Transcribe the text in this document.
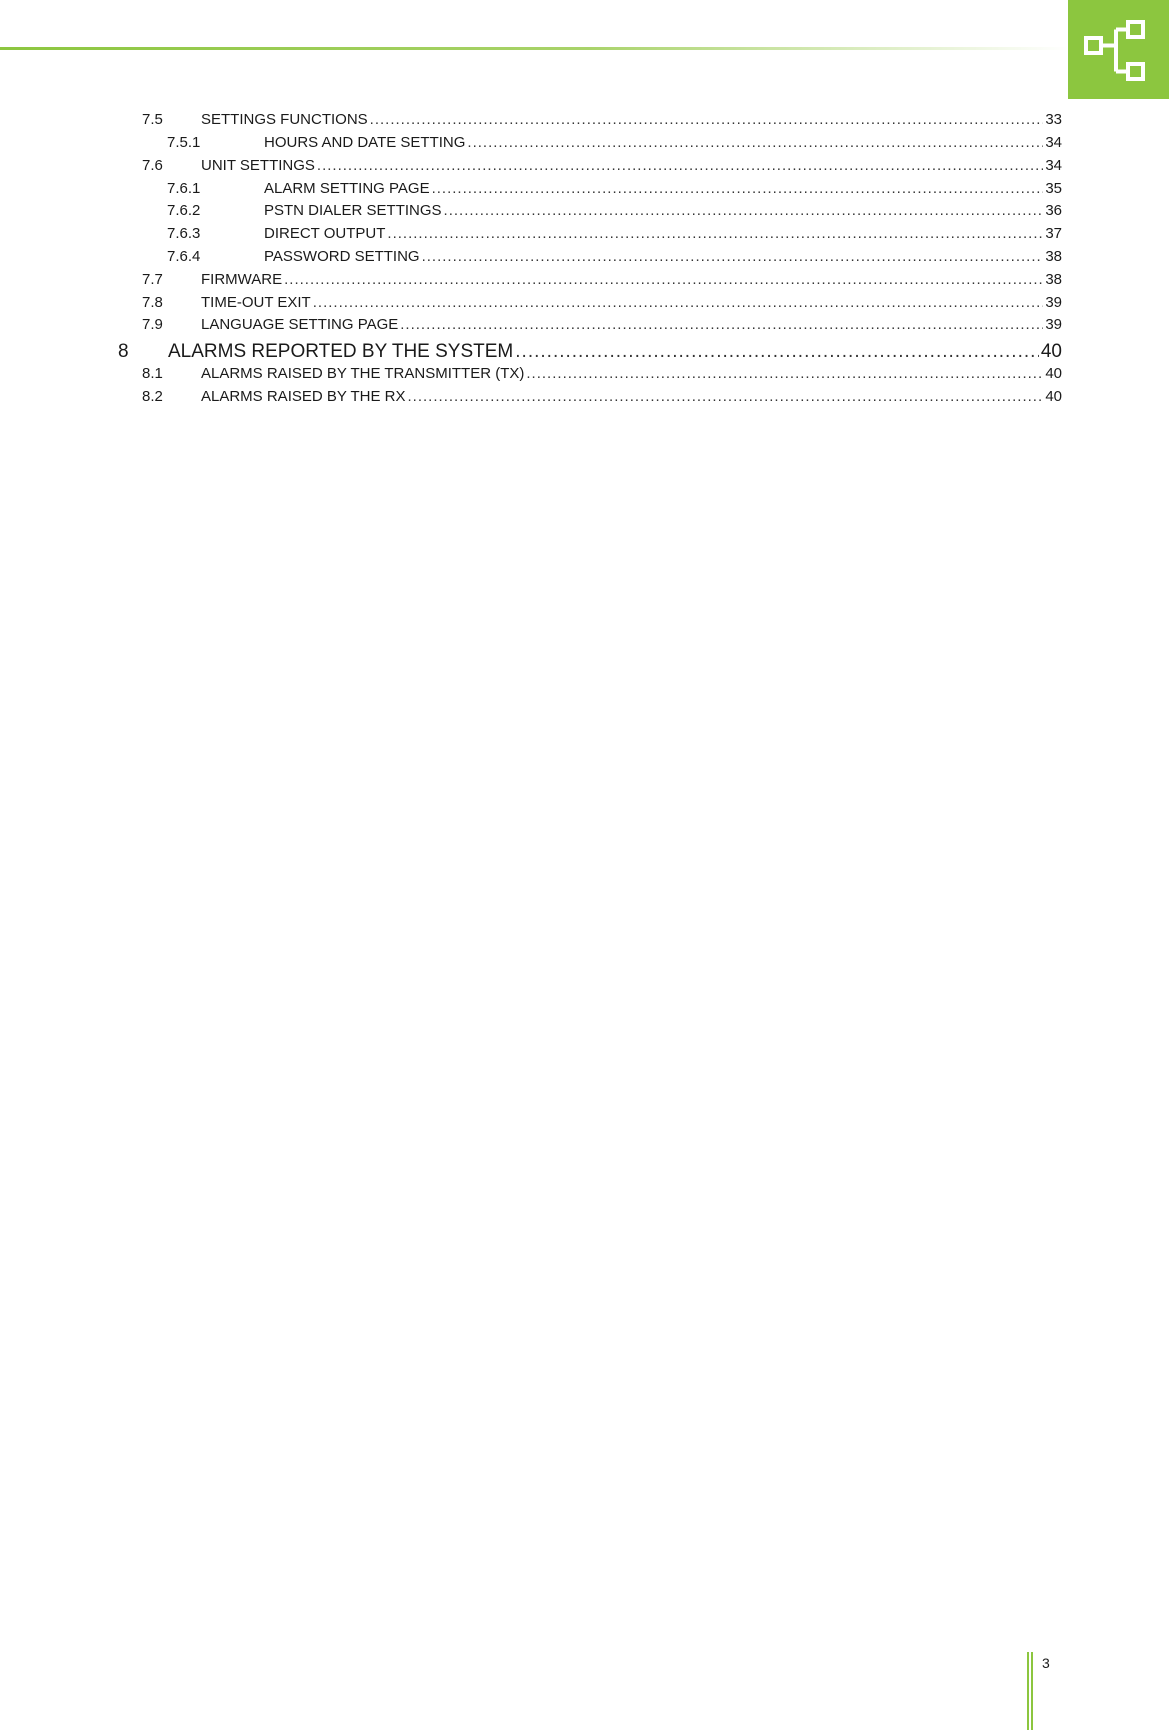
7.5	SETTINGS FUNCTIONS .....	33
7.5.1	HOURS AND DATE SETTING .....	34
7.6	UNIT SETTINGS .....	34
7.6.1	ALARM SETTING PAGE .....	35
7.6.2	PSTN DIALER SETTINGS .....	36
7.6.3	DIRECT OUTPUT .....	37
7.6.4	PASSWORD SETTING .....	38
7.7	FIRMWARE .....	38
7.8	TIME-OUT EXIT .....	39
7.9	LANGUAGE SETTING PAGE .....	39
8	ALARMS REPORTED BY THE SYSTEM .....	40
8.1	ALARMS RAISED BY THE TRANSMITTER (TX) .....	40
8.2	ALARMS RAISED BY THE RX .....	40
3
